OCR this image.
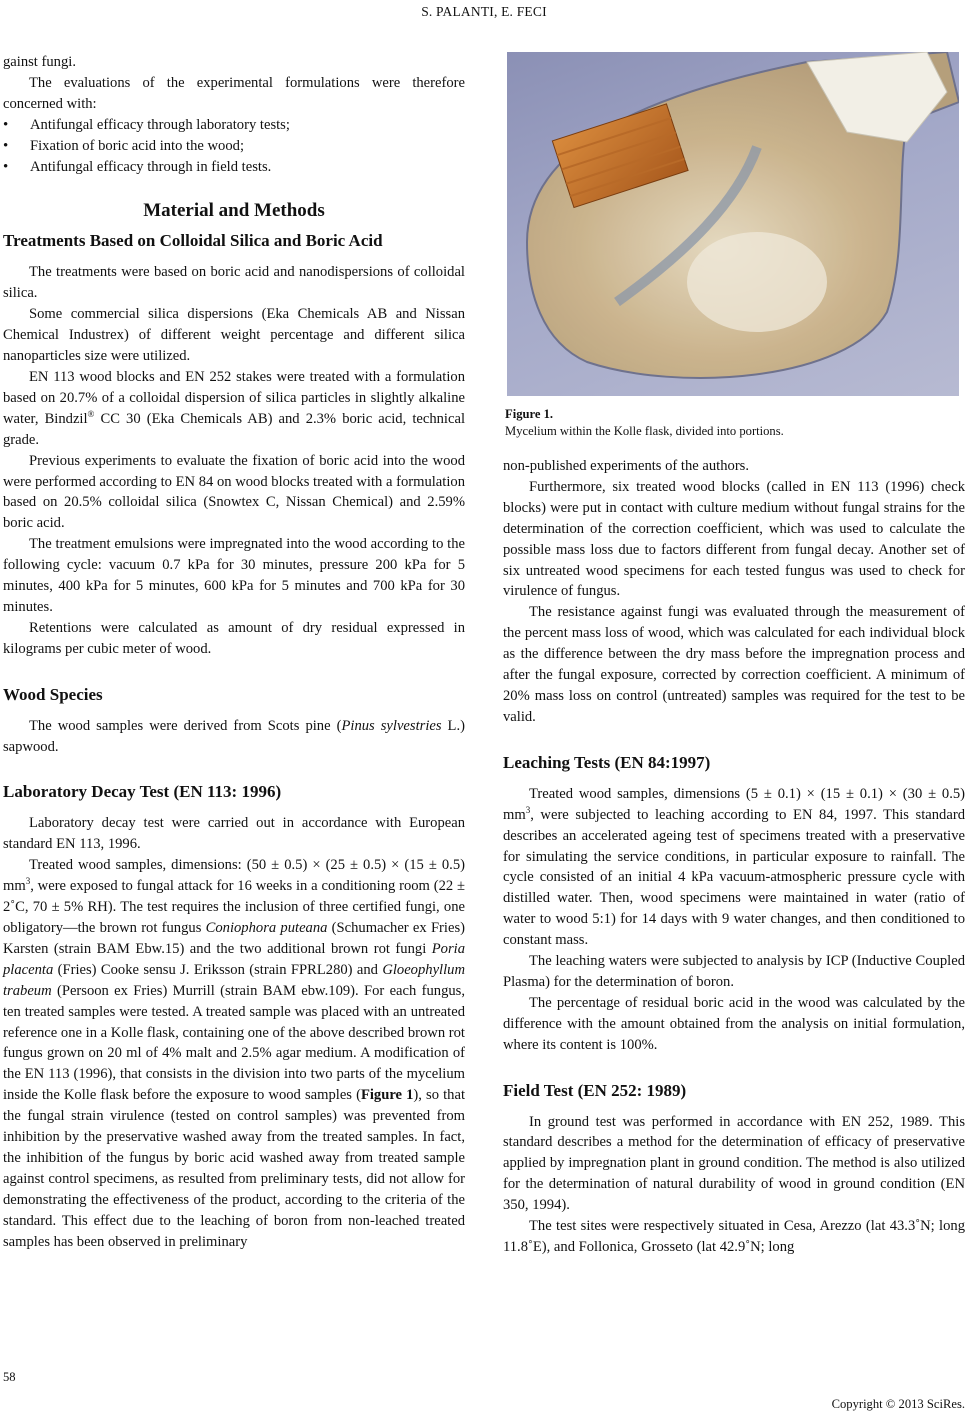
S. PALANTI, E. FECI

gainst fungi.

The evaluations of the experimental formulations were therefore concerned with:

• Antifungal efficacy through laboratory tests;
• Fixation of boric acid into the wood;
• Antifungal efficacy through in field tests.
Material and Methods
Treatments Based on Colloidal Silica and Boric Acid

The treatments were based on boric acid and nanodispersions of colloidal silica.

Some commercial silica dispersions (Eka Chemicals AB and Nissan Chemical Industrex) of different weight percentage and different silica nanoparticles size were utilized.

EN 113 wood blocks and EN 252 stakes were treated with a formulation based on 20.7% of a colloidal dispersion of silica particles in slightly alkaline water, Bindzil® CC 30 (Eka Chemicals AB) and 2.3% boric acid, technical grade.

Previous experiments to evaluate the fixation of boric acid into the wood were performed according to EN 84 on wood blocks treated with a formulation based on 20.5% colloidal silica (Snowtex C, Nissan Chemical) and 2.59% boric acid.

The treatment emulsions were impregnated into the wood according to the following cycle: vacuum 0.7 kPa for 30 minutes, pressure 200 kPa for 5 minutes, 400 kPa for 5 minutes, 600 kPa for 5 minutes and 700 kPa for 30 minutes.

Retentions were calculated as amount of dry residual expressed in kilograms per cubic meter of wood.

Wood Species

The wood samples were derived from Scots pine (Pinus sylvestries L.) sapwood.

Laboratory Decay Test (EN 113: 1996)

Laboratory decay test were carried out in accordance with European standard EN 113, 1996.

Treated wood samples, dimensions: (50 ± 0.5) × (25 ± 0.5) × (15 ± 0.5) $mm^3$, were exposed to fungal attack for 16 weeks in a conditioning room (22 ± 2˚C, 70 ± 5% RH). The test requires the inclusion of three certified fungi, one obligatory—the brown rot fungus Coniophora puteana (Schumacher ex Fries) Karsten (strain BAM Ebw.15) and the two additional brown rot fungi Poria placenta (Fries) Cooke sensu J. Eriksson (strain FPRL280) and Gloeophyllum trabeum (Persoon ex Fries) Murrill (strain BAM ebw.109). For each fungus, ten treated samples were tested. A treated sample was placed with an untreated reference one in a Kolle flask, containing one of the above described brown rot fungus grown on 20 ml of 4% malt and 2.5% agar medium. A modification of the EN 113 (1996), that consists in the division into two parts of the mycelium inside the Kolle flask before the exposure to wood samples (Figure 1), so that the fungal strain virulence (tested on control samples) was prevented from inhibition by the preservative washed away from the treated samples. In fact, the inhibition of the fungus by boric acid washed away from treated sample against control specimens, as resulted from preliminary tests, did not allow for demonstrating the effectiveness of the product, according to the criteria of the standard. This effect due to the leaching of boron from non-leached treated samples has been observed in preliminary

Figure 1.
Mycelium within the Kolle flask, divided into portions.

non-published experiments of the authors.

Furthermore, six treated wood blocks (called in EN 113 (1996) check blocks) were put in contact with culture medium without fungal strains for the determination of the correction coefficient, which was used to calculate the possible mass loss due to factors different from fungal decay. Another set of six untreated wood specimens for each tested fungus was used to check for virulence of fungus.

The resistance against fungi was evaluated through the measurement of the percent mass loss of wood, which was calculated for each individual block as the difference between the dry mass before the impregnation process and after the fungal exposure, corrected by correction coefficient. A minimum of 20% mass loss on control (untreated) samples was required for the test to be valid.

Leaching Tests (EN 84:1997)

Treated wood samples, dimensions (5 ± 0.1) × (15 ± 0.1) × (30 ± 0.5) $mm^3$, were subjected to leaching according to EN 84, 1997. This standard describes an accelerated ageing test of specimens treated with a preservative for simulating the service conditions, in particular exposure to rainfall. The cycle consisted of an initial 4 kPa vacuum-atmospheric pressure cycle with distilled water. Then, wood specimens were maintained in water (ratio of water to wood 5:1) for 14 days with 9 water changes, and then conditioned to constant mass.

The leaching waters were subjected to analysis by ICP (Inductive Coupled Plasma) for the determination of boron.

The percentage of residual boric acid in the wood was calculated by the difference with the amount obtained from the analysis on initial formulation, where its content is 100%.

Field Test (EN 252: 1989)

In ground test was performed in accordance with EN 252, 1989. This standard describes a method for the determination of efficacy of preservative applied by impregnation plant in ground condition. The method is also utilized for the determination of natural durability of wood in ground condition (EN 350, 1994).

The test sites were respectively situated in Cesa, Arezzo (lat 43.3˚N; long 11.8˚E), and Follonica, Grosseto (lat 42.9˚N; long

58
Copyright © 2013 SciRes.
